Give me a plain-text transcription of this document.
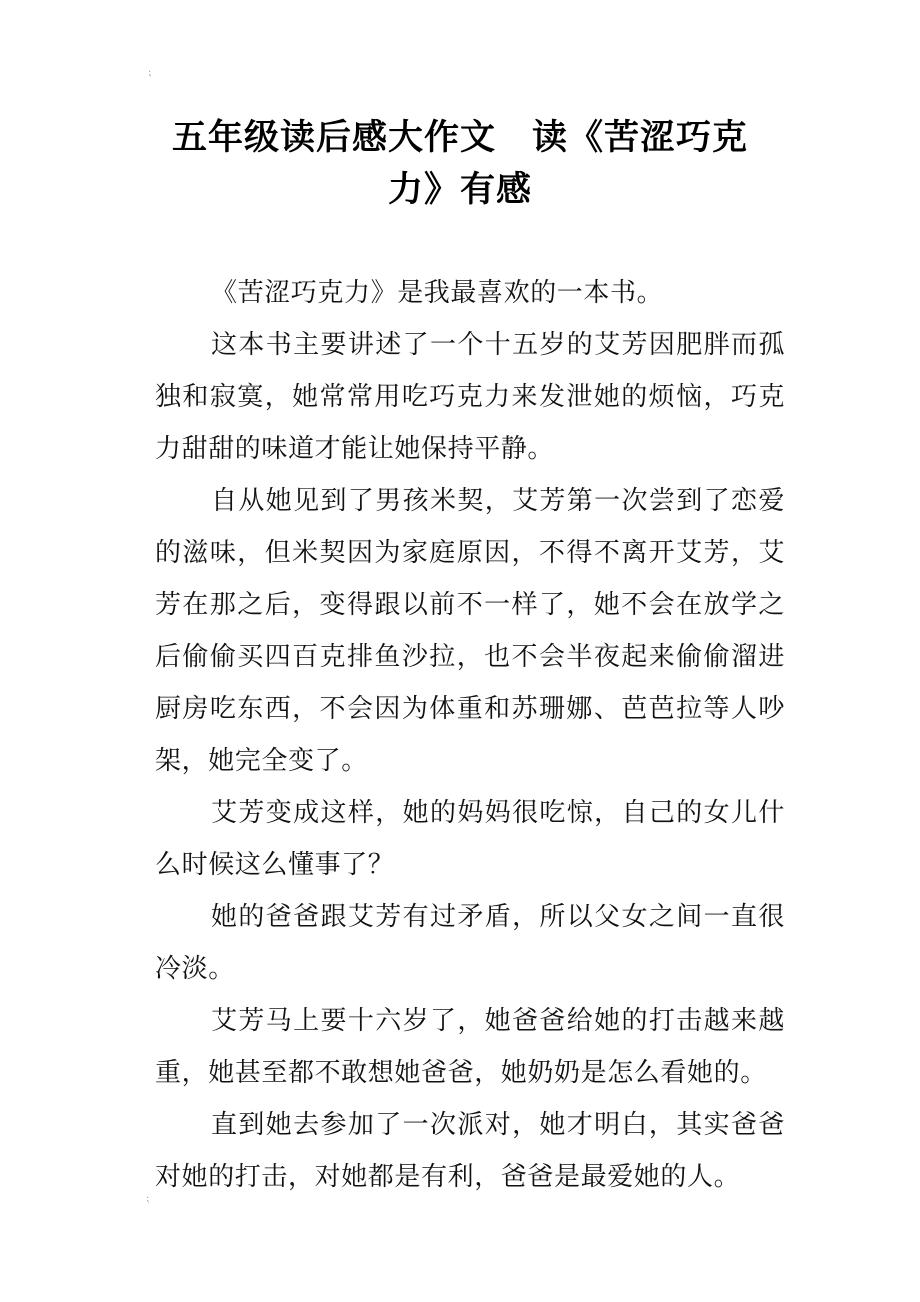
⁏
五年级读后感大作文　读《苦涩巧克力》有感

《苦涩巧克力》是我最喜欢的一本书。

这本书主要讲述了一个十五岁的艾芳因肥胖而孤独和寂寞，她常常用吃巧克力来发泄她的烦恼，巧克力甜甜的味道才能让她保持平静。

自从她见到了男孩米契，艾芳第一次尝到了恋爱的滋味，但米契因为家庭原因，不得不离开艾芳，艾芳在那之后，变得跟以前不一样了，她不会在放学之后偷偷买四百克排鱼沙拉，也不会半夜起来偷偷溜进厨房吃东西，不会因为体重和苏珊娜、芭芭拉等人吵架，她完全变了。

艾芳变成这样，她的妈妈很吃惊，自己的女儿什么时候这么懂事了？

她的爸爸跟艾芳有过矛盾，所以父女之间一直很冷淡。

艾芳马上要十六岁了，她爸爸给她的打击越来越重，她甚至都不敢想她爸爸，她奶奶是怎么看她的。

直到她去参加了一次派对，她才明白，其实爸爸对她的打击，对她都是有利，爸爸是最爱她的人。

⁏
